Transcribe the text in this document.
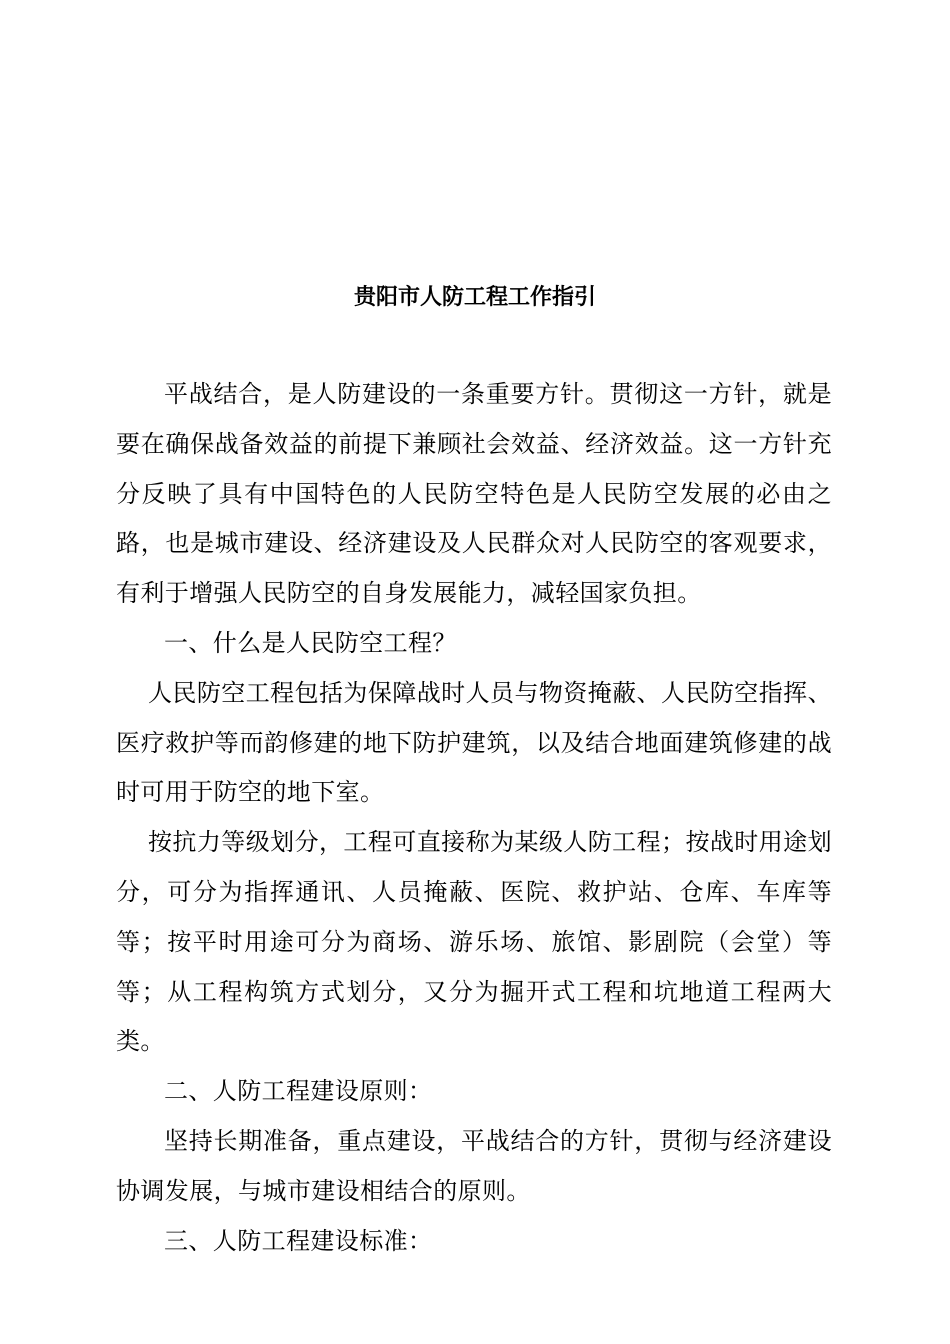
贵阳市人防工程工作指引

平战结合，是人防建设的一条重要方针。贯彻这一方针，就是要在确保战备效益的前提下兼顾社会效益、经济效益。这一方针充分反映了具有中国特色的人民防空特色是人民防空发展的必由之路，也是城市建设、经济建设及人民群众对人民防空的客观要求，有利于增强人民防空的自身发展能力，减轻国家负担。

一、什么是人民防空工程？

人民防空工程包括为保障战时人员与物资掩蔽、人民防空指挥、医疗救护等而韵修建的地下防护建筑，以及结合地面建筑修建的战时可用于防空的地下室。

按抗力等级划分，工程可直接称为某级人防工程；按战时用途划分，可分为指挥通讯、人员掩蔽、医院、救护站、仓库、车库等等；按平时用途可分为商场、游乐场、旅馆、影剧院（会堂）等等；从工程构筑方式划分，又分为掘开式工程和坑地道工程两大类。

二、人防工程建设原则：

坚持长期准备，重点建设，平战结合的方针，贯彻与经济建设协调发展，与城市建设相结合的原则。

三、人防工程建设标准：
